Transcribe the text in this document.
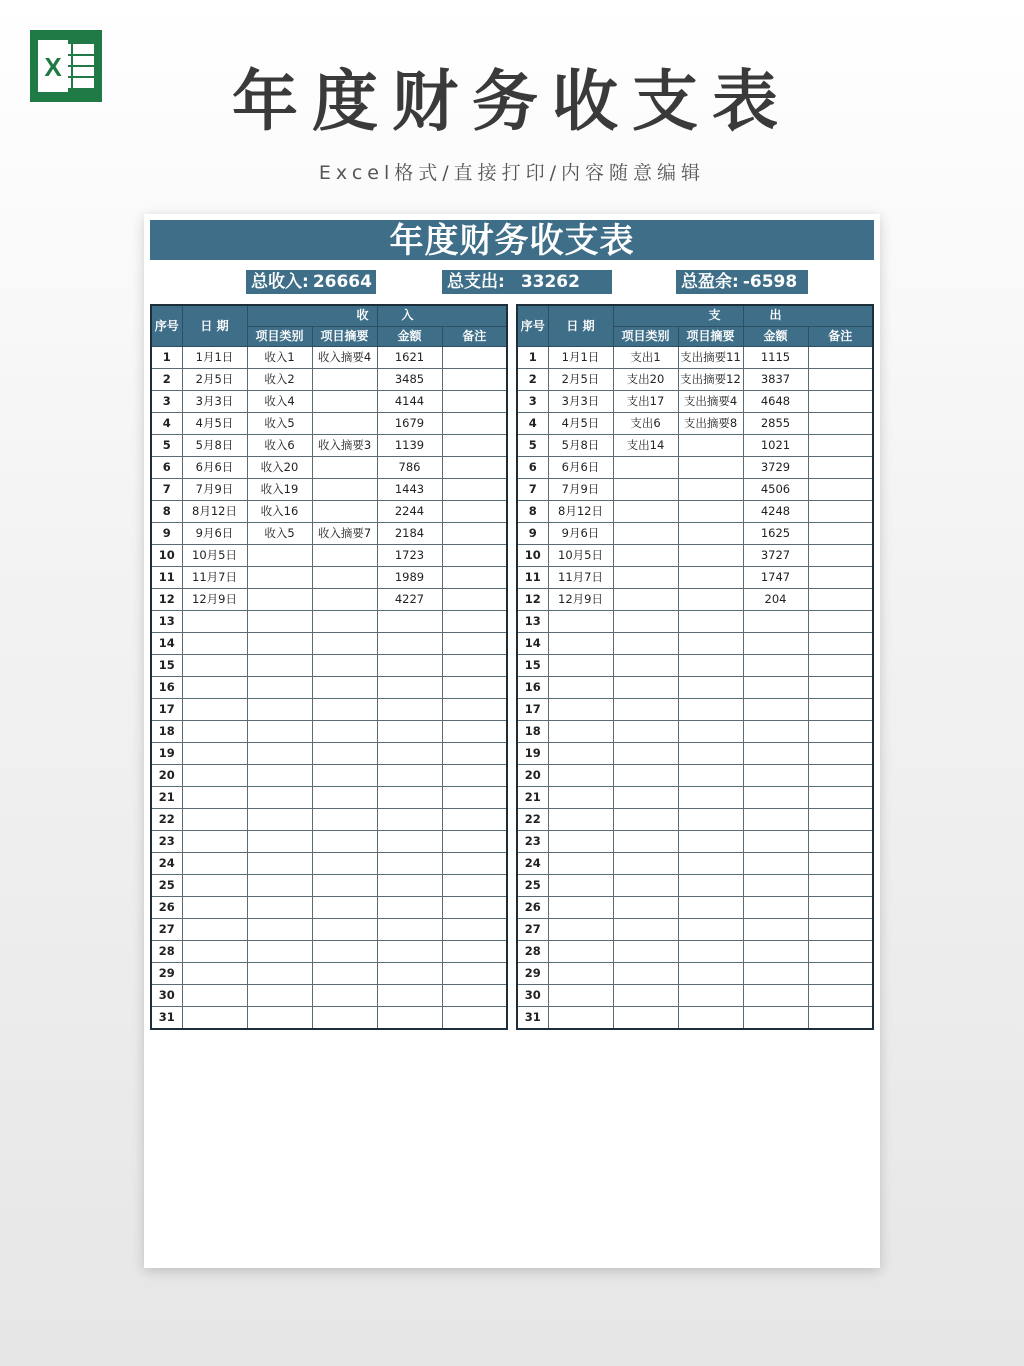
X	年度财务收支表
Excel格式/直接打印/内容随意编辑
年度财务收支表
总收入: 26664	总支出: 33262	总盈余: -6598
序号	日 期	收		入	
		项目类别	项目摘要	金额	备注
1	1月1日	收入1	收入摘要4	1621	
2	2月5日	收入2		3485	
3	3月3日	收入4		4144	
4	4月5日	收入5		1679	
5	5月8日	收入6	收入摘要3	1139	
6	6月6日	收入20		786	
7	7月9日	收入19		1443	
8	8月12日	收入16		2244	
9	9月6日	收入5	收入摘要7	2184	
10	10月5日			1723	
11	11月7日			1989	
12	12月9日			4227	
13					
14					
15					
16					
17					
18					
19					
20					
21					
22					
23					
24					
25					
26					
27					
28					
29					
30					
31					
序号	日 期	支		出	
		项目类别	项目摘要	金额	备注
1	1月1日	支出1	支出摘要11	1115	
2	2月5日	支出20	支出摘要12	3837	
3	3月3日	支出17	支出摘要4	4648	
4	4月5日	支出6	支出摘要8	2855	
5	5月8日	支出14		1021	
6	6月6日			3729	
7	7月9日			4506	
8	8月12日			4248	
9	9月6日			1625	
10	10月5日			3727	
11	11月7日			1747	
12	12月9日			204	
13					
14					
15					
16					
17					
18					
19					
20					
21					
22					
23					
24					
25					
26					
27					
28					
29					
30					
31					
